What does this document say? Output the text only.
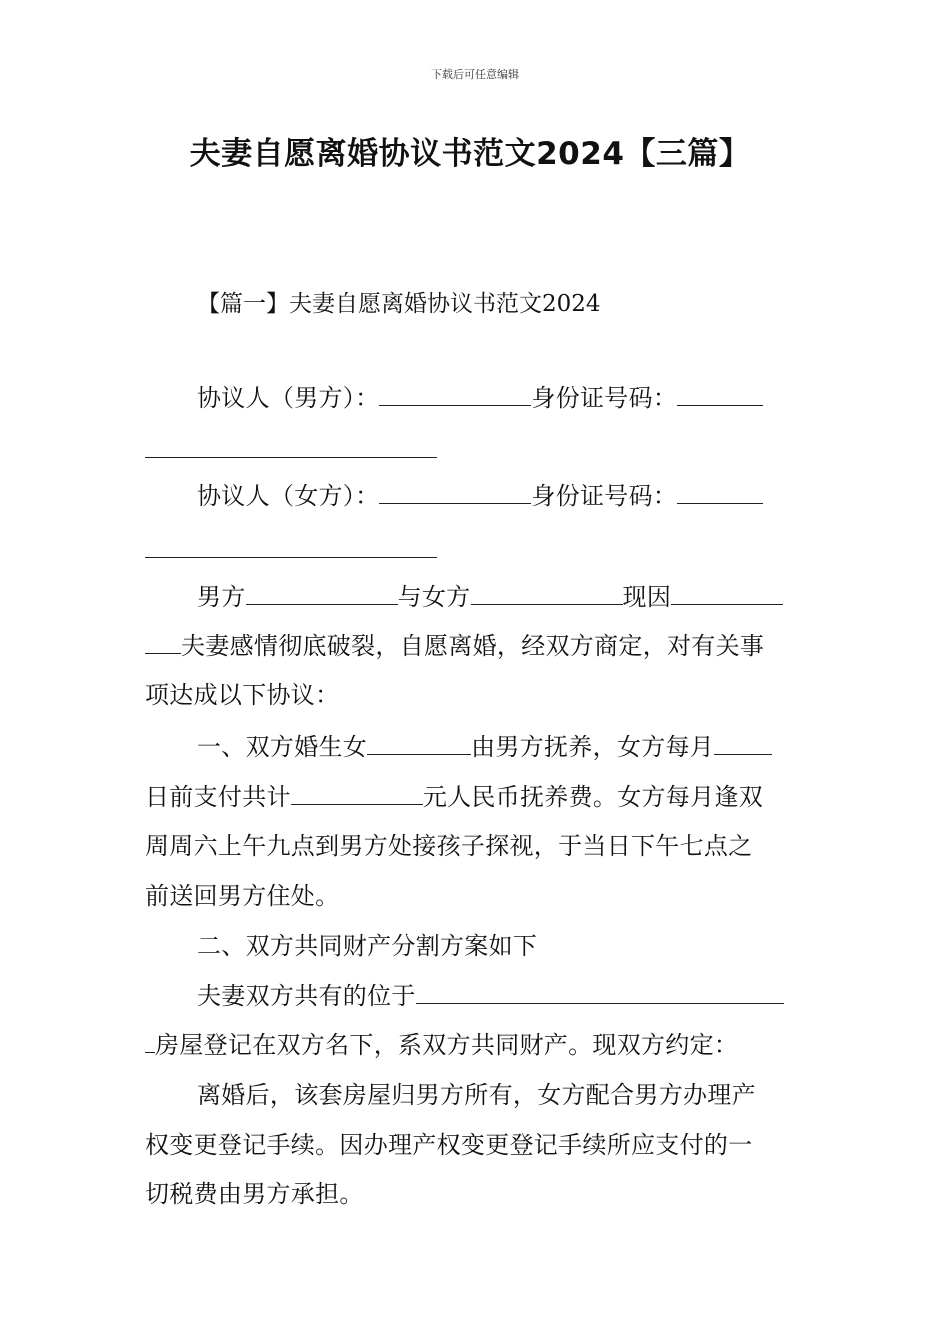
下载后可任意编辑
夫妻自愿离婚协议书范文2024【三篇】
【篇一】夫妻自愿离婚协议书范文2024
协议人（男方）：	身份证号码：
协议人（女方）：	身份证号码：
男方	与女方	现因
夫妻感情彻底破裂，自愿离婚，经双方商定，对有关事
项达成以下协议：
一、双方婚生女	由男方抚养，女方每月
日前支付共计	元人民币抚养费。女方每月逢双
周周六上午九点到男方处接孩子探视，于当日下午七点之
前送回男方住处。
二、双方共同财产分割方案如下
夫妻双方共有的位于
房屋登记在双方名下，系双方共同财产。现双方约定：
离婚后，该套房屋归男方所有，女方配合男方办理产
权变更登记手续。因办理产权变更登记手续所应支付的一
切税费由男方承担。
